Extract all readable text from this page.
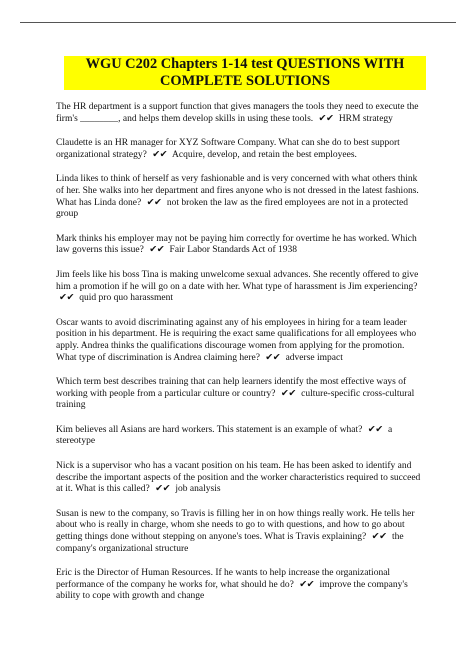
WGU C202 Chapters 1-14 test QUESTIONS WITH COMPLETE SOLUTIONS

The HR department is a support function that gives managers the tools they need to execute the firm's ________, and helps them develop skills in using these tools. ✔✔ HRM strategy

Claudette is an HR manager for XYZ Software Company. What can she do to best support organizational strategy? ✔✔ Acquire, develop, and retain the best employees.

Linda likes to think of herself as very fashionable and is very concerned with what others think of her. She walks into her department and fires anyone who is not dressed in the latest fashions. What has Linda done? ✔✔ not broken the law as the fired employees are not in a protected group

Mark thinks his employer may not be paying him correctly for overtime he has worked. Which law governs this issue? ✔✔ Fair Labor Standards Act of 1938

Jim feels like his boss Tina is making unwelcome sexual advances. She recently offered to give him a promotion if he will go on a date with her. What type of harassment is Jim experiencing? ✔✔ quid pro quo harassment

Oscar wants to avoid discriminating against any of his employees in hiring for a team leader position in his department. He is requiring the exact same qualifications for all employees who apply. Andrea thinks the qualifications discourage women from applying for the promotion. What type of discrimination is Andrea claiming here? ✔✔ adverse impact

Which term best describes training that can help learners identify the most effective ways of working with people from a particular culture or country? ✔✔ culture-specific cross-cultural training

Kim believes all Asians are hard workers. This statement is an example of what? ✔✔ a stereotype

Nick is a supervisor who has a vacant position on his team. He has been asked to identify and describe the important aspects of the position and the worker characteristics required to succeed at it. What is this called? ✔✔ job analysis

Susan is new to the company, so Travis is filling her in on how things really work. He tells her about who is really in charge, whom she needs to go to with questions, and how to go about getting things done without stepping on anyone's toes. What is Travis explaining? ✔✔ the company's organizational structure

Eric is the Director of Human Resources. If he wants to help increase the organizational performance of the company he works for, what should he do? ✔✔ improve the company's ability to cope with growth and change
